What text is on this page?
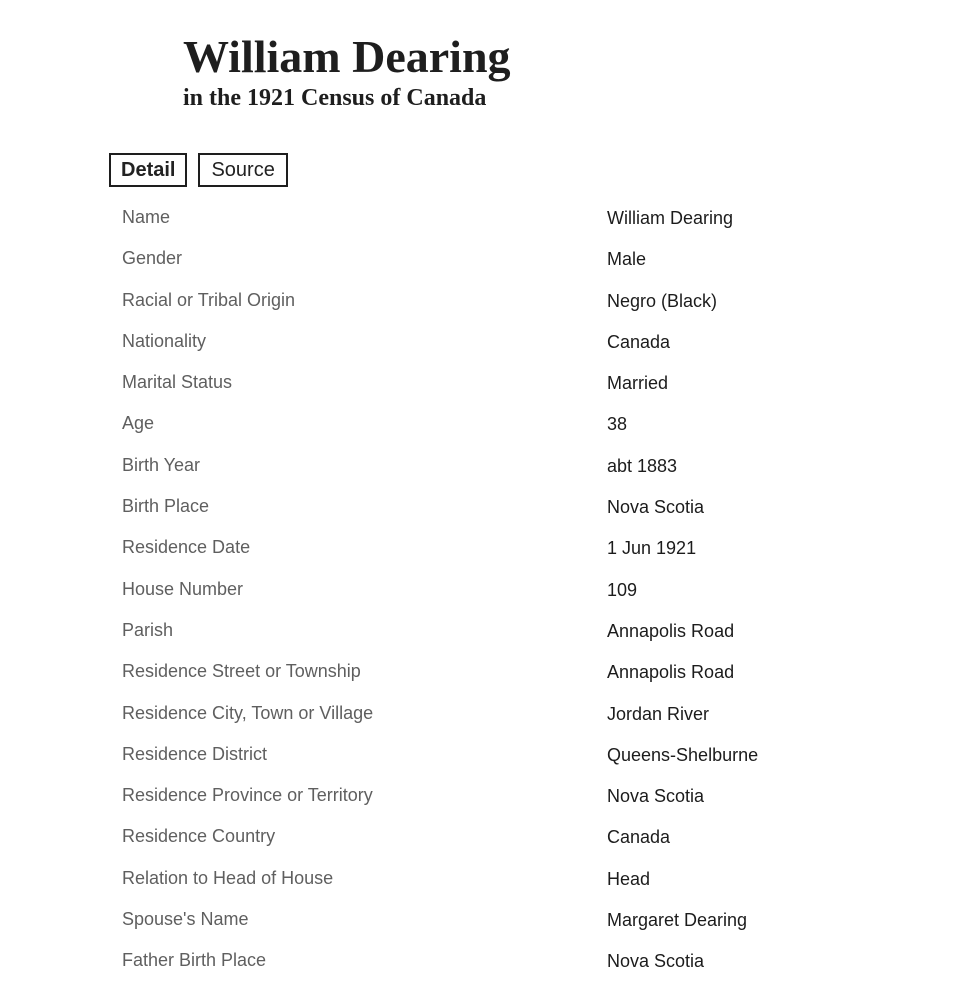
William Dearing
in the 1921 Census of Canada
Detail	Source
Name	William Dearing
Gender	Male
Racial or Tribal Origin	Negro (Black)
Nationality	Canada
Marital Status	Married
Age	38
Birth Year	abt 1883
Birth Place	Nova Scotia
Residence Date	1 Jun 1921
House Number	109
Parish	Annapolis Road
Residence Street or Township	Annapolis Road
Residence City, Town or Village	Jordan River
Residence District	Queens-Shelburne
Residence Province or Territory	Nova Scotia
Residence Country	Canada
Relation to Head of House	Head
Spouse's Name	Margaret Dearing
Father Birth Place	Nova Scotia
